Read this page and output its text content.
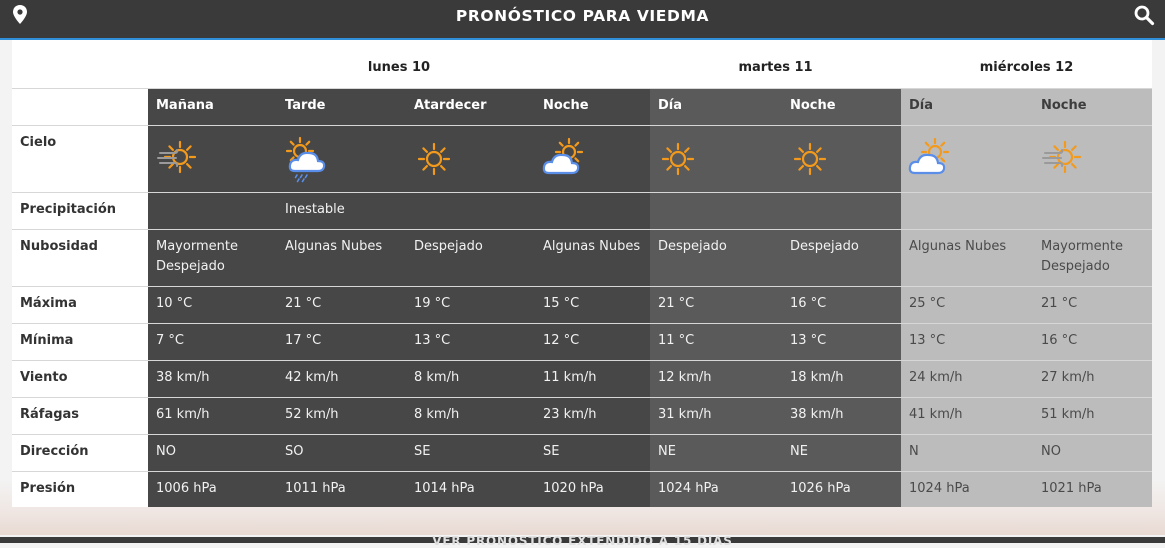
PRONÓSTICO PARA VIEDMA
lunes 10	martes 11	miércoles 12
Cielo
Precipitación
Nubosidad
Máxima
Mínima
Viento
Ráfagas
Dirección
Presión
Mañana
Mayormente Despejado
10 °C
7 °C
38 km/h
61 km/h
NO
1006 hPa
Tarde
Inestable
Algunas Nubes
21 °C
17 °C
42 km/h
52 km/h
SO
1011 hPa
Atardecer
Despejado
19 °C
13 °C
8 km/h
8 km/h
SE
1014 hPa
Noche
Algunas Nubes
15 °C
12 °C
11 km/h
23 km/h
SE
1020 hPa
Día
Despejado
21 °C
11 °C
12 km/h
31 km/h
NE
1024 hPa
Noche
Despejado
16 °C
13 °C
18 km/h
38 km/h
NE
1026 hPa
Día
Algunas Nubes
25 °C
13 °C
24 km/h
41 km/h
N
1024 hPa
Noche
Mayormente Despejado
21 °C
16 °C
27 km/h
51 km/h
NO
1021 hPa
VER PRONÓSTICO EXTENDIDO A 15 DÍAS
